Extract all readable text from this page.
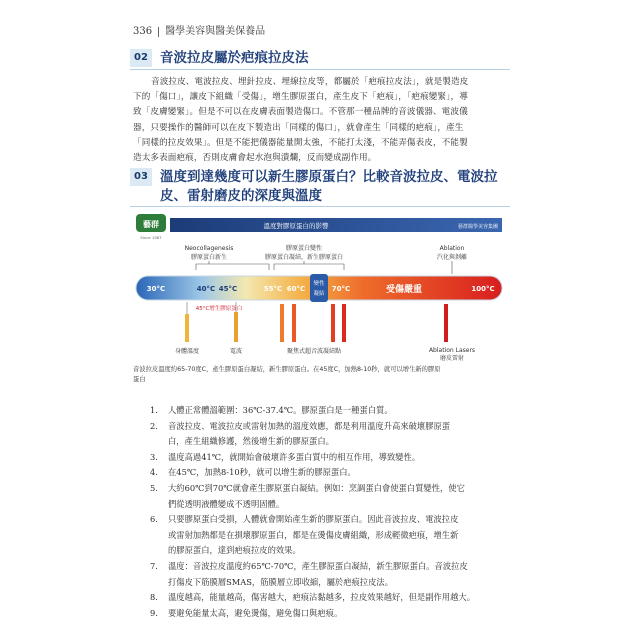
336 醫學美容與醫美保養品
02 音波拉皮屬於疤痕拉皮法
音波拉皮、電波拉皮、埋針拉皮、埋線拉皮等，都屬於「疤痕拉皮法」，就是製造皮
下的「傷口」，讓皮下組織「受傷」，增生膠原蛋白，產生皮下「疤痕」，「疤痕變緊」，導
致「皮膚變緊」。但是不可以在皮膚表面製造傷口。不管那一種品牌的音波儀器、電波儀
器，只要操作的醫師可以在皮下製造出「同樣的傷口」，就會產生「同樣的疤痕」，產生
「同樣的拉皮效果」。但是不能把儀器能量開太強，不能打太淺，不能弄傷表皮，不能製
造太多表面疤痕，否則皮膚會起水泡與潰爛，反而變成副作用。
03 溫度到達幾度可以新生膠原蛋白？比較音波拉皮、電波拉
皮、雷射磨皮的深度與溫度
藝群
Since 1987
溫度對膠原蛋白的影響	藝群醫學美容集團
Neocollagenesis
膠原蛋白新生
膠原蛋白變性
膠原蛋白凝結，新生膠原蛋白
Ablation
汽化與剝離
30°C	40°C 45°C	55°C 60°C
變性
凝結
70°C	受傷嚴重	100°C
45°C增生膠原蛋白
身體溫度	電波	聚焦式超音波凝結點	Ablation Lasers
磨皮雷射
音波拉皮溫度約65-70度C，產生膠原蛋白凝結，新生膠原蛋白。在45度C，加熱8-10秒，就可以增生新的膠原
蛋白
1. 人體正常體溫範圍：36℃-37.4℃。膠原蛋白是一種蛋白質。
2. 音波拉皮、電波拉皮或雷射加熱的溫度效應，都是利用溫度升高來破壞膠原蛋
白，產生組織修護，然後增生新的膠原蛋白。
3. 溫度高過41℃，就開始會破壞許多蛋白質中的相互作用，導致變性。
4. 在45℃，加熱8-10秒，就可以增生新的膠原蛋白。
5. 大約60℃到70℃就會產生膠原蛋白凝結。例如：烹調蛋白會使蛋白質變性，使它
們從透明液體變成不透明固體。
6. 只要膠原蛋白受損，人體就會開始產生新的膠原蛋白。因此音波拉皮、電波拉皮
或雷射加熱都是在損壞膠原蛋白，都是在燙傷皮膚組織，形成輕微疤痕，增生新
的膠原蛋白，達到疤痕拉皮的效果。
7. 溫度：音波拉皮溫度約65℃-70℃，產生膠原蛋白凝結，新生膠原蛋白。音波拉皮
打傷皮下筋膜層SMAS，筋膜層立即收縮，屬於疤痕拉皮法。
8. 溫度越高，能量越高，傷害越大，疤痕沾黏越多，拉皮效果越好，但是副作用越大。
9. 要避免能量太高，避免燙傷，避免傷口與疤痕。
